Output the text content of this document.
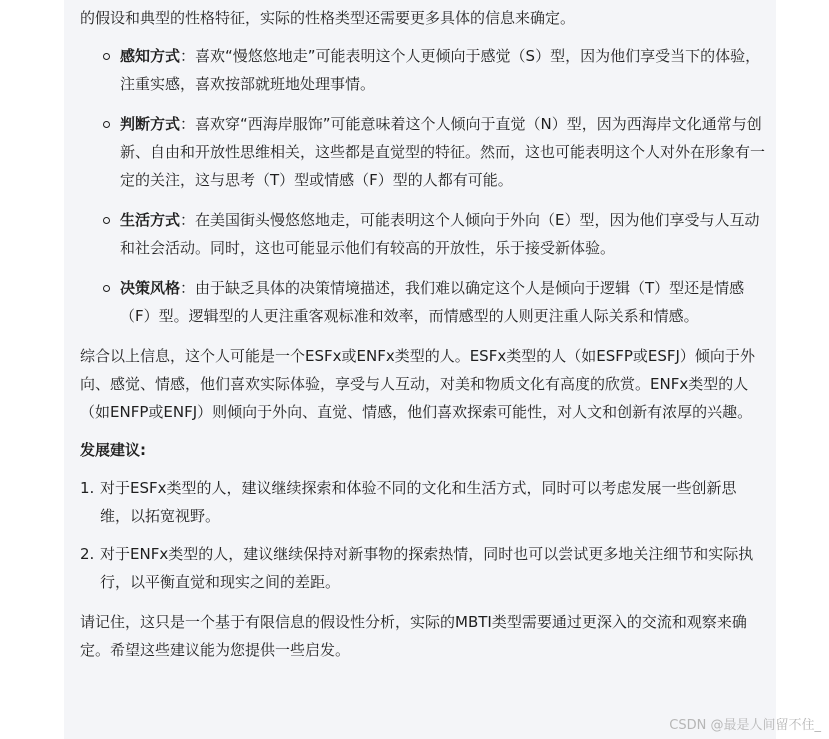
的假设和典型的性格特征，实际的性格类型还需要更多具体的信息来确定。

感知方式：喜欢“慢悠悠地走”可能表明这个人更倾向于感觉（S）型，因为他们享受当下的体验，注重实感，喜欢按部就班地处理事情。
判断方式：喜欢穿“西海岸服饰”可能意味着这个人倾向于直觉（N）型，因为西海岸文化通常与创新、自由和开放性思维相关，这些都是直觉型的特征。然而，这也可能表明这个人对外在形象有一定的关注，这与思考（T）型或情感（F）型的人都有可能。
生活方式：在美国街头慢悠悠地走，可能表明这个人倾向于外向（E）型，因为他们享受与人互动和社会活动。同时，这也可能显示他们有较高的开放性，乐于接受新体验。
决策风格：由于缺乏具体的决策情境描述，我们难以确定这个人是倾向于逻辑（T）型还是情感（F）型。逻辑型的人更注重客观标准和效率，而情感型的人则更注重人际关系和情感。

综合以上信息，这个人可能是一个ESFx或ENFx类型的人。ESFx类型的人（如ESFP或ESFJ）倾向于外向、感觉、情感，他们喜欢实际体验，享受与人互动，对美和物质文化有高度的欣赏。ENFx类型的人（如ENFP或ENFJ）则倾向于外向、直觉、情感，他们喜欢探索可能性，对人文和创新有浓厚的兴趣。

发展建议:

1. 对于ESFx类型的人，建议继续探索和体验不同的文化和生活方式，同时可以考虑发展一些创新思维，以拓宽视野。
2. 对于ENFx类型的人，建议继续保持对新事物的探索热情，同时也可以尝试更多地关注细节和实际执行，以平衡直觉和现实之间的差距。

请记住，这只是一个基于有限信息的假设性分析，实际的MBTI类型需要通过更深入的交流和观察来确定。希望这些建议能为您提供一些启发。

CSDN @最是人间留不住_
